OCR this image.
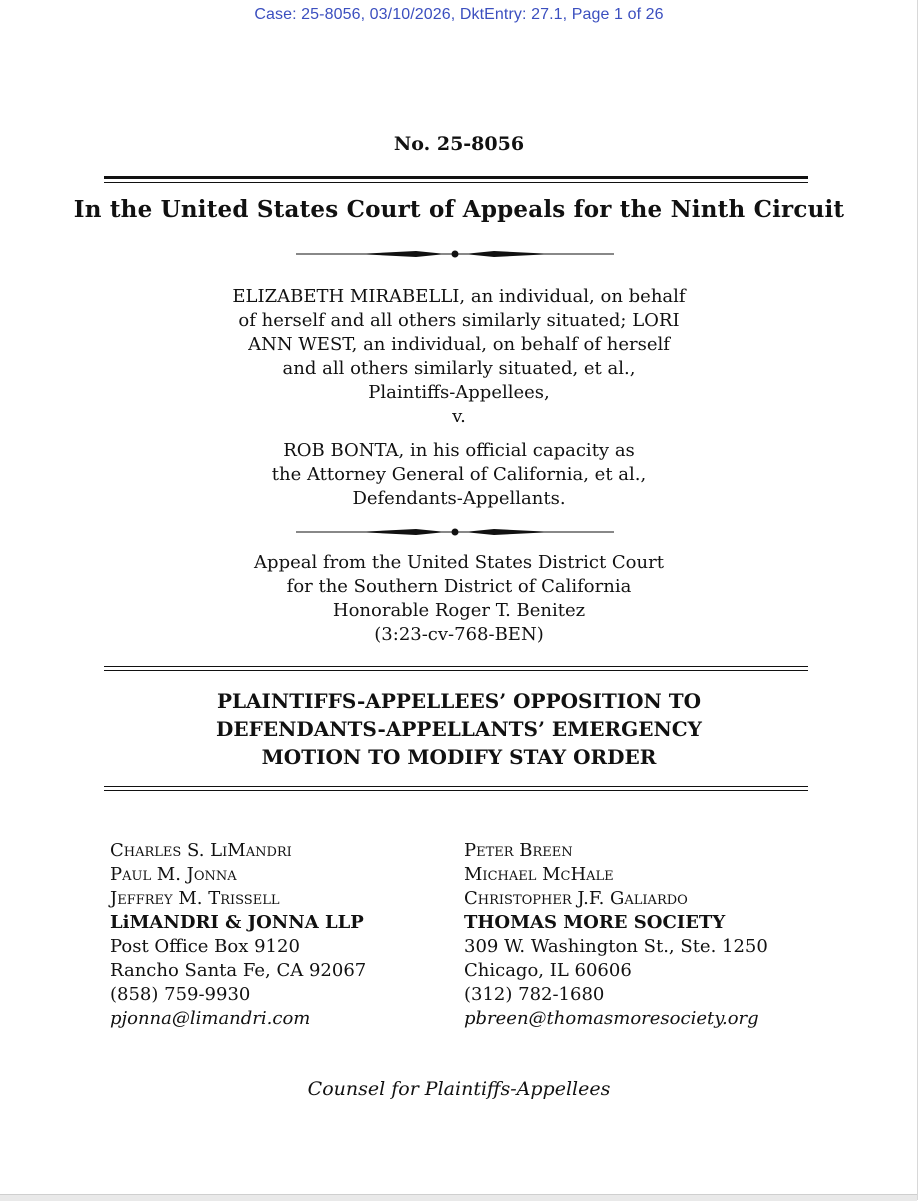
Case: 25-8056, 03/10/2026, DktEntry: 27.1, Page 1 of 26
No. 25-8056
In the United States Court of Appeals for the Ninth Circuit
ELIZABETH MIRABELLI, an individual, on behalf
of herself and all others similarly situated; LORI
ANN WEST, an individual, on behalf of herself
and all others similarly situated, et al.,
Plaintiffs-Appellees,
v.
ROB BONTA, in his official capacity as
the Attorney General of California, et al.,
Defendants-Appellants.
Appeal from the United States District Court
for the Southern District of California
Honorable Roger T. Benitez
(3:23-cv-768-BEN)
PLAINTIFFS-APPELLEES’ OPPOSITION TO
DEFENDANTS-APPELLANTS’ EMERGENCY
MOTION TO MODIFY STAY ORDER
Charles S. LiMandri
Paul M. Jonna
Jeffrey M. Trissell
LiMANDRI & JONNA LLP
Post Office Box 9120
Rancho Santa Fe, CA 92067
(858) 759-9930
pjonna@limandri.com
Peter Breen
Michael McHale
Christopher J.F. Galiardo
THOMAS MORE SOCIETY
309 W. Washington St., Ste. 1250
Chicago, IL 60606
(312) 782-1680
pbreen@thomasmoresociety.org
Counsel for Plaintiffs-Appellees
